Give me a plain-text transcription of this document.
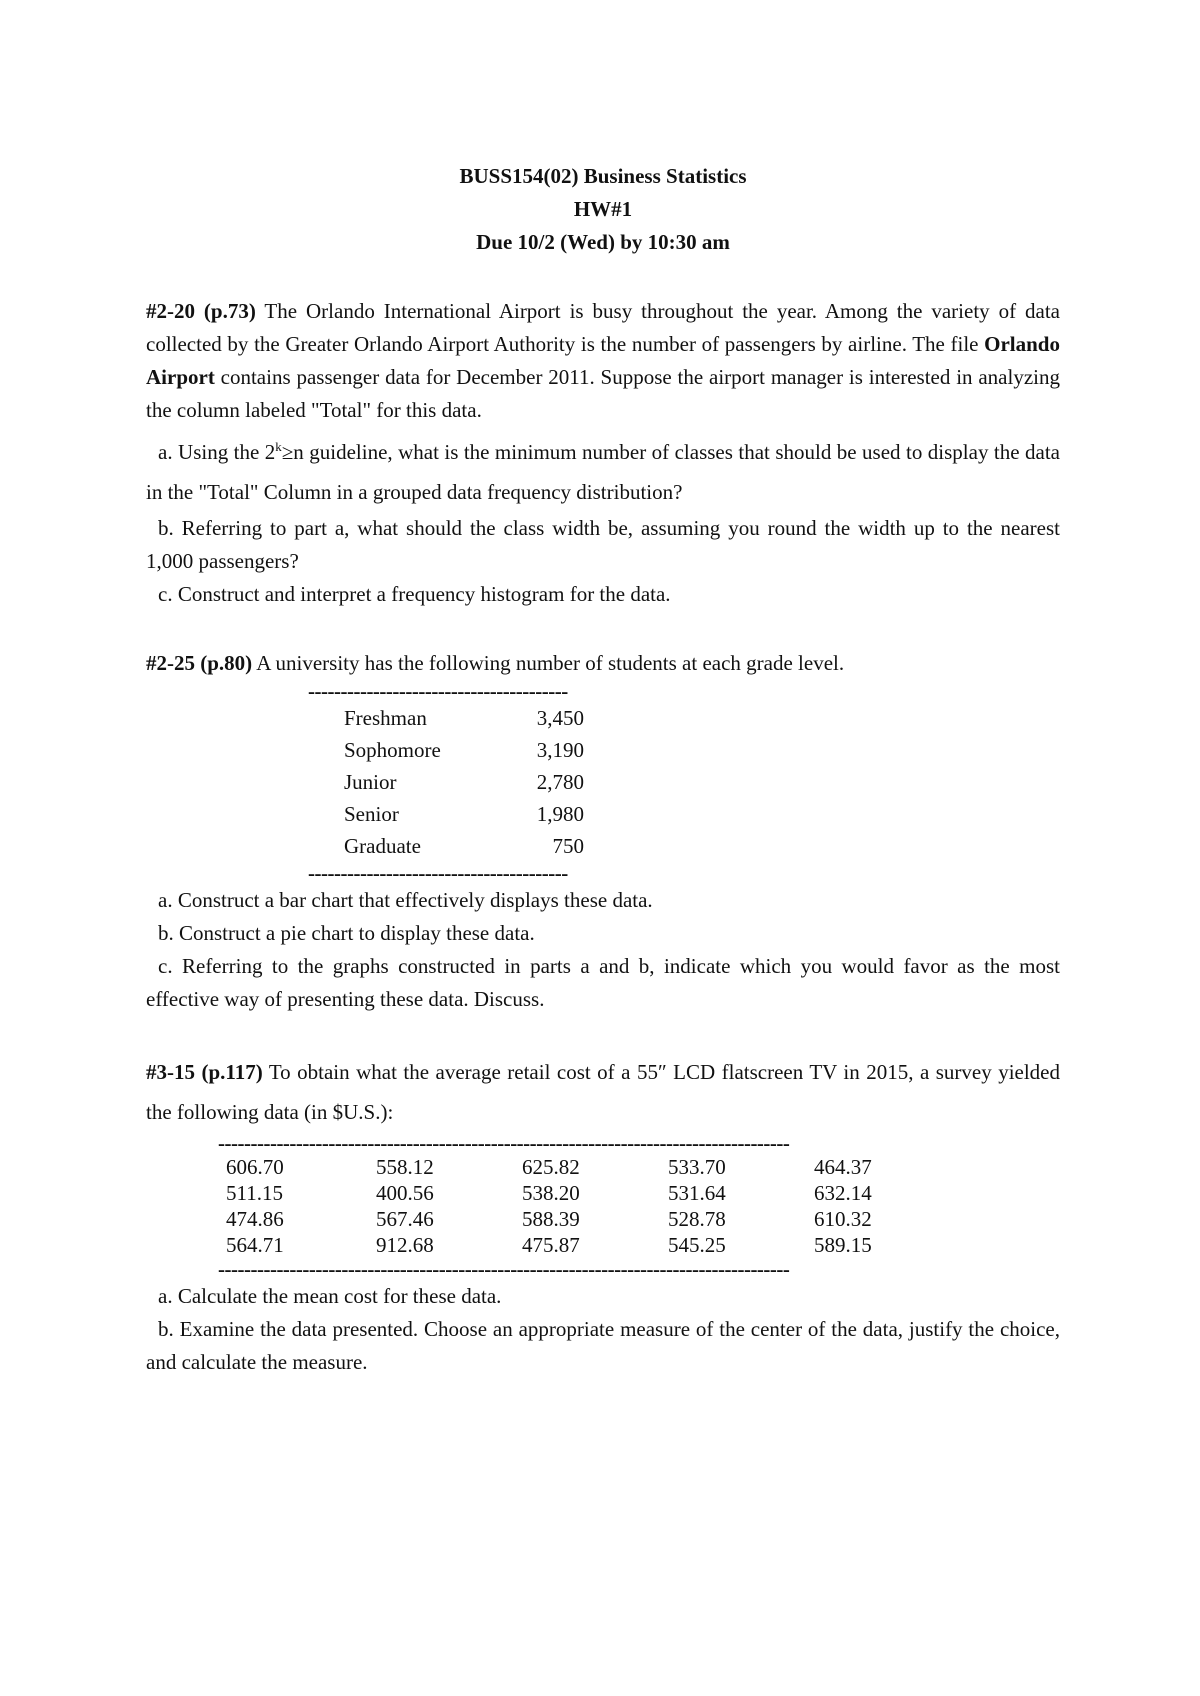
BUSS154(02) Business Statistics
HW#1
Due 10/2 (Wed) by 10:30 am

#2-20 (p.73) The Orlando International Airport is busy throughout the year. Among the variety of data collected by the Greater Orlando Airport Authority is the number of passengers by airline. The file Orlando Airport contains passenger data for December 2011. Suppose the airport manager is interested in analyzing the column labeled "Total" for this data.

a. Using the $2^k\ge n$ guideline, what is the minimum number of classes that should be used to display the data in the "Total" Column in a grouped data frequency distribution?

b. Referring to part a, what should the class width be, assuming you round the width up to the nearest 1,000 passengers?

c. Construct and interpret a frequency histogram for the data.

#2-25 (p.80) A university has the following number of students at each grade level.

----------------------------------------
Freshman	3,450
Sophomore	3,190
Junior	2,780
Senior	1,980
Graduate	750
----------------------------------------

a. Construct a bar chart that effectively displays these data.

b. Construct a pie chart to display these data.

c. Referring to the graphs constructed in parts a and b, indicate which you would favor as the most effective way of presenting these data. Discuss.

#3-15 (p.117) To obtain what the average retail cost of a 55″ LCD flatscreen TV in 2015, a survey yielded the following data (in $U.S.):

----------------------------------------------------------------------------------------
606.70	558.12	625.82	533.70	464.37
511.15	400.56	538.20	531.64	632.14
474.86	567.46	588.39	528.78	610.32
564.71	912.68	475.87	545.25	589.15
----------------------------------------------------------------------------------------

a. Calculate the mean cost for these data.

b. Examine the data presented. Choose an appropriate measure of the center of the data, justify the choice, and calculate the measure.
